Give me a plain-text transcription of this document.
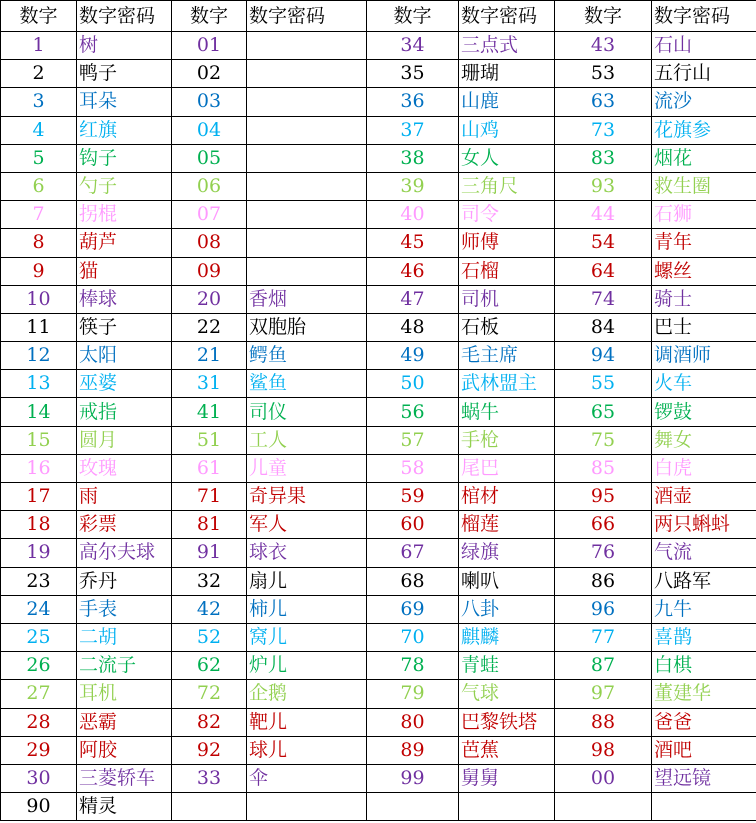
数字	数字密码	数字	数字密码	数字	数字密码	数字	数字密码
1	树	01		34	三点式	43	石山
2	鸭子	02		35	珊瑚	53	五行山
3	耳朵	03		36	山鹿	63	流沙
4	红旗	04		37	山鸡	73	花旗参
5	钩子	05		38	女人	83	烟花
6	勺子	06		39	三角尺	93	救生圈
7	拐棍	07		40	司令	44	石狮
8	葫芦	08		45	师傅	54	青年
9	猫	09		46	石榴	64	螺丝
10	棒球	20	香烟	47	司机	74	骑士
11	筷子	22	双胞胎	48	石板	84	巴士
12	太阳	21	鳄鱼	49	毛主席	94	调酒师
13	巫婆	31	鲨鱼	50	武林盟主	55	火车
14	戒指	41	司仪	56	蜗牛	65	锣鼓
15	圆月	51	工人	57	手枪	75	舞女
16	玫瑰	61	儿童	58	尾巴	85	白虎
17	雨	71	奇异果	59	棺材	95	酒壶
18	彩票	81	军人	60	榴莲	66	两只蝌蚪
19	高尔夫球	91	球衣	67	绿旗	76	气流
23	乔丹	32	扇儿	68	喇叭	86	八路军
24	手表	42	柿儿	69	八卦	96	九牛
25	二胡	52	窝儿	70	麒麟	77	喜鹊
26	二流子	62	炉儿	78	青蛙	87	白棋
27	耳机	72	企鹅	79	气球	97	董建华
28	恶霸	82	靶儿	80	巴黎铁塔	88	爸爸
29	阿胶	92	球儿	89	芭蕉	98	酒吧
30	三菱轿车	33	伞	99	舅舅	00	望远镜
90	精灵						
